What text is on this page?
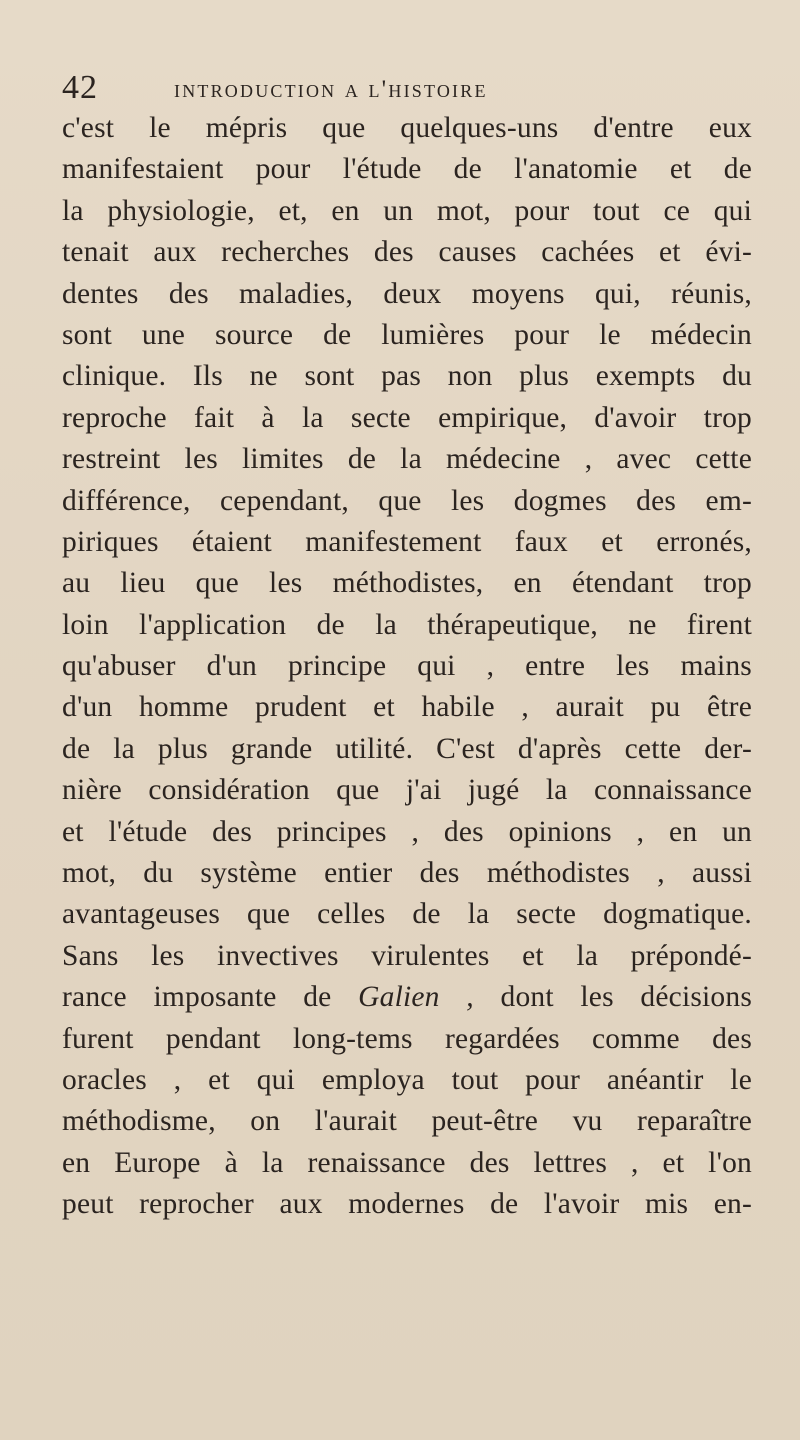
42	introduction a l'histoire
c'est le mépris que quelques-uns d'entre eux
manifestaient pour l'étude de l'anatomie et de
la physiologie, et, en un mot, pour tout ce qui
tenait aux recherches des causes cachées et évi-
dentes des maladies, deux moyens qui, réunis,
sont une source de lumières pour le médecin
clinique. Ils ne sont pas non plus exempts du
reproche fait à la secte empirique, d'avoir trop
restreint les limites de la médecine , avec cette
différence, cependant, que les dogmes des em-
piriques étaient manifestement faux et erronés,
au lieu que les méthodistes, en étendant trop
loin l'application de la thérapeutique, ne firent
qu'abuser d'un principe qui , entre les mains
d'un homme prudent et habile , aurait pu être
de la plus grande utilité. C'est d'après cette der-
nière considération que j'ai jugé la connaissance
et l'étude des principes , des opinions , en un
mot, du système entier des méthodistes , aussi
avantageuses que celles de la secte dogmatique.
Sans les invectives virulentes et la prépondé-
rance imposante de Galien , dont les décisions
furent pendant long-tems regardées comme des
oracles , et qui employa tout pour anéantir le
méthodisme, on l'aurait peut-être vu reparaître
en Europe à la renaissance des lettres , et l'on
peut reprocher aux modernes de l'avoir mis en-
